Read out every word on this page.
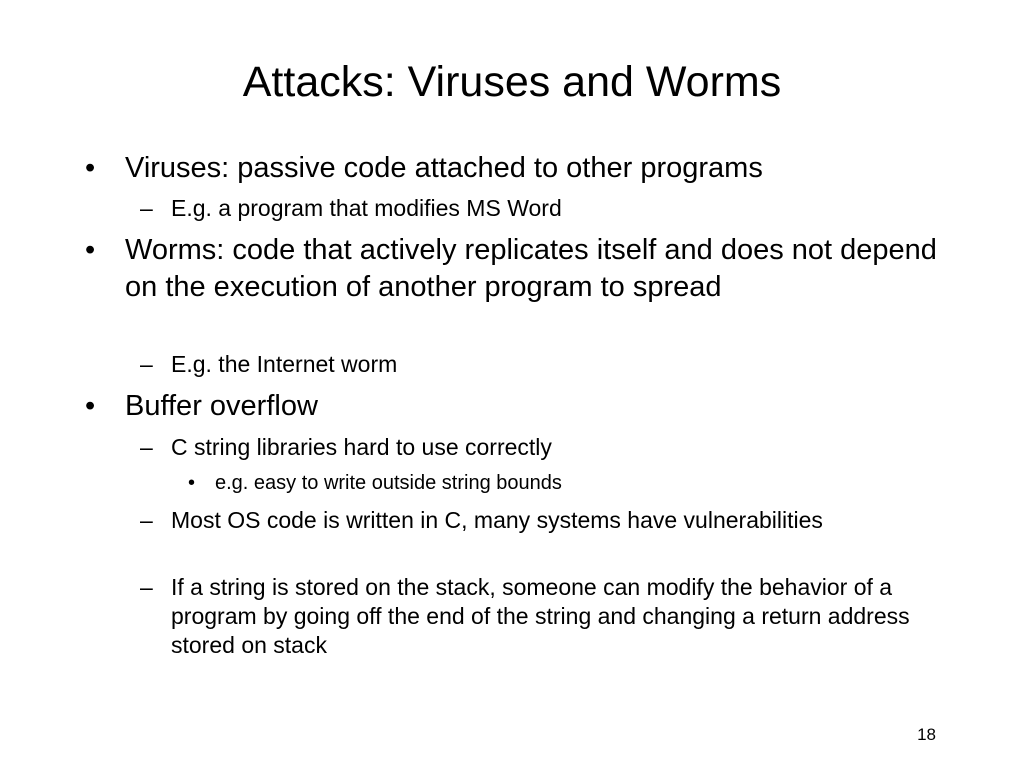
Attacks: Viruses and Worms
• Viruses: passive code attached to other programs
– E.g. a program that modifies MS Word
• Worms: code that actively replicates itself and does not depend on the execution of another program to spread
– E.g. the Internet worm
• Buffer overflow
– C string libraries hard to use correctly
• e.g. easy to write outside string bounds
– Most OS code is written in C, many systems have vulnerabilities
– If a string is stored on the stack, someone can modify the behavior of a program by going off the end of the string and changing a return address stored on stack
18
